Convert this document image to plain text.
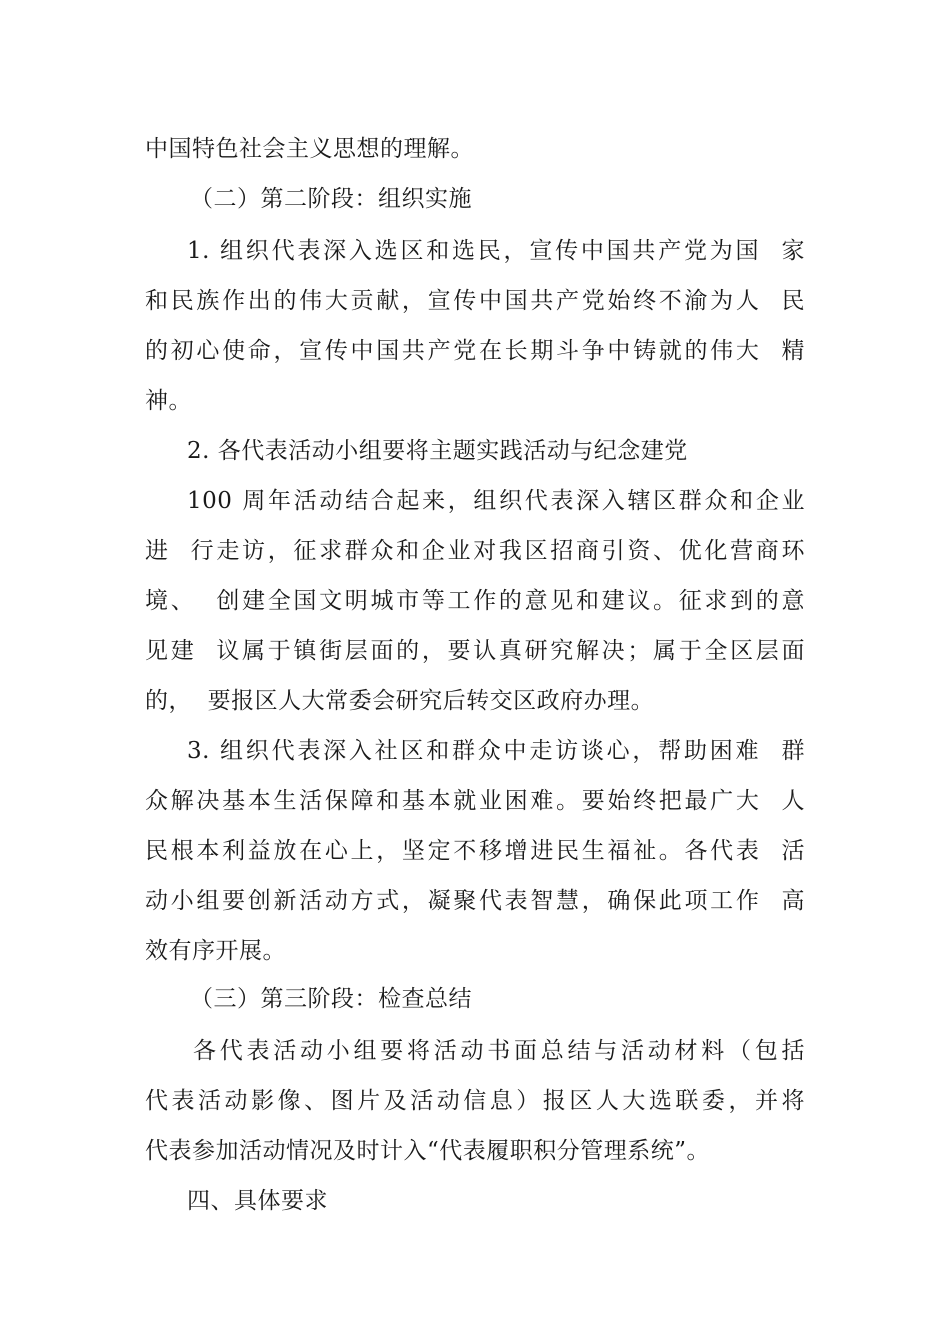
中国特色社会主义思想的理解。
（二）第二阶段：组织实施
1. 组织代表深入选区和选民，宣传中国共产党为国  家
和民族作出的伟大贡献，宣传中国共产党始终不渝为人  民
的初心使命，宣传中国共产党在长期斗争中铸就的伟大  精
神。
2. 各代表活动小组要将主题实践活动与纪念建党
100 周年活动结合起来，组织代表深入辖区群众和企业
进  行走访，征求群众和企业对我区招商引资、优化营商环
境、  创建全国文明城市等工作的意见和建议。征求到的意
见建  议属于镇街层面的，要认真研究解决；属于全区层面
的，  要报区人大常委会研究后转交区政府办理。
3. 组织代表深入社区和群众中走访谈心，帮助困难  群
众解决基本生活保障和基本就业困难。要始终把最广大  人
民根本利益放在心上，坚定不移增进民生福祉。各代表  活
动小组要创新活动方式，凝聚代表智慧，确保此项工作  高
效有序开展。
（三）第三阶段：检查总结
各代表活动小组要将活动书面总结与活动材料（包括
代表活动影像、图片及活动信息）报区人大选联委，并将
代表参加活动情况及时计入“代表履职积分管理系统”。
四、具体要求
